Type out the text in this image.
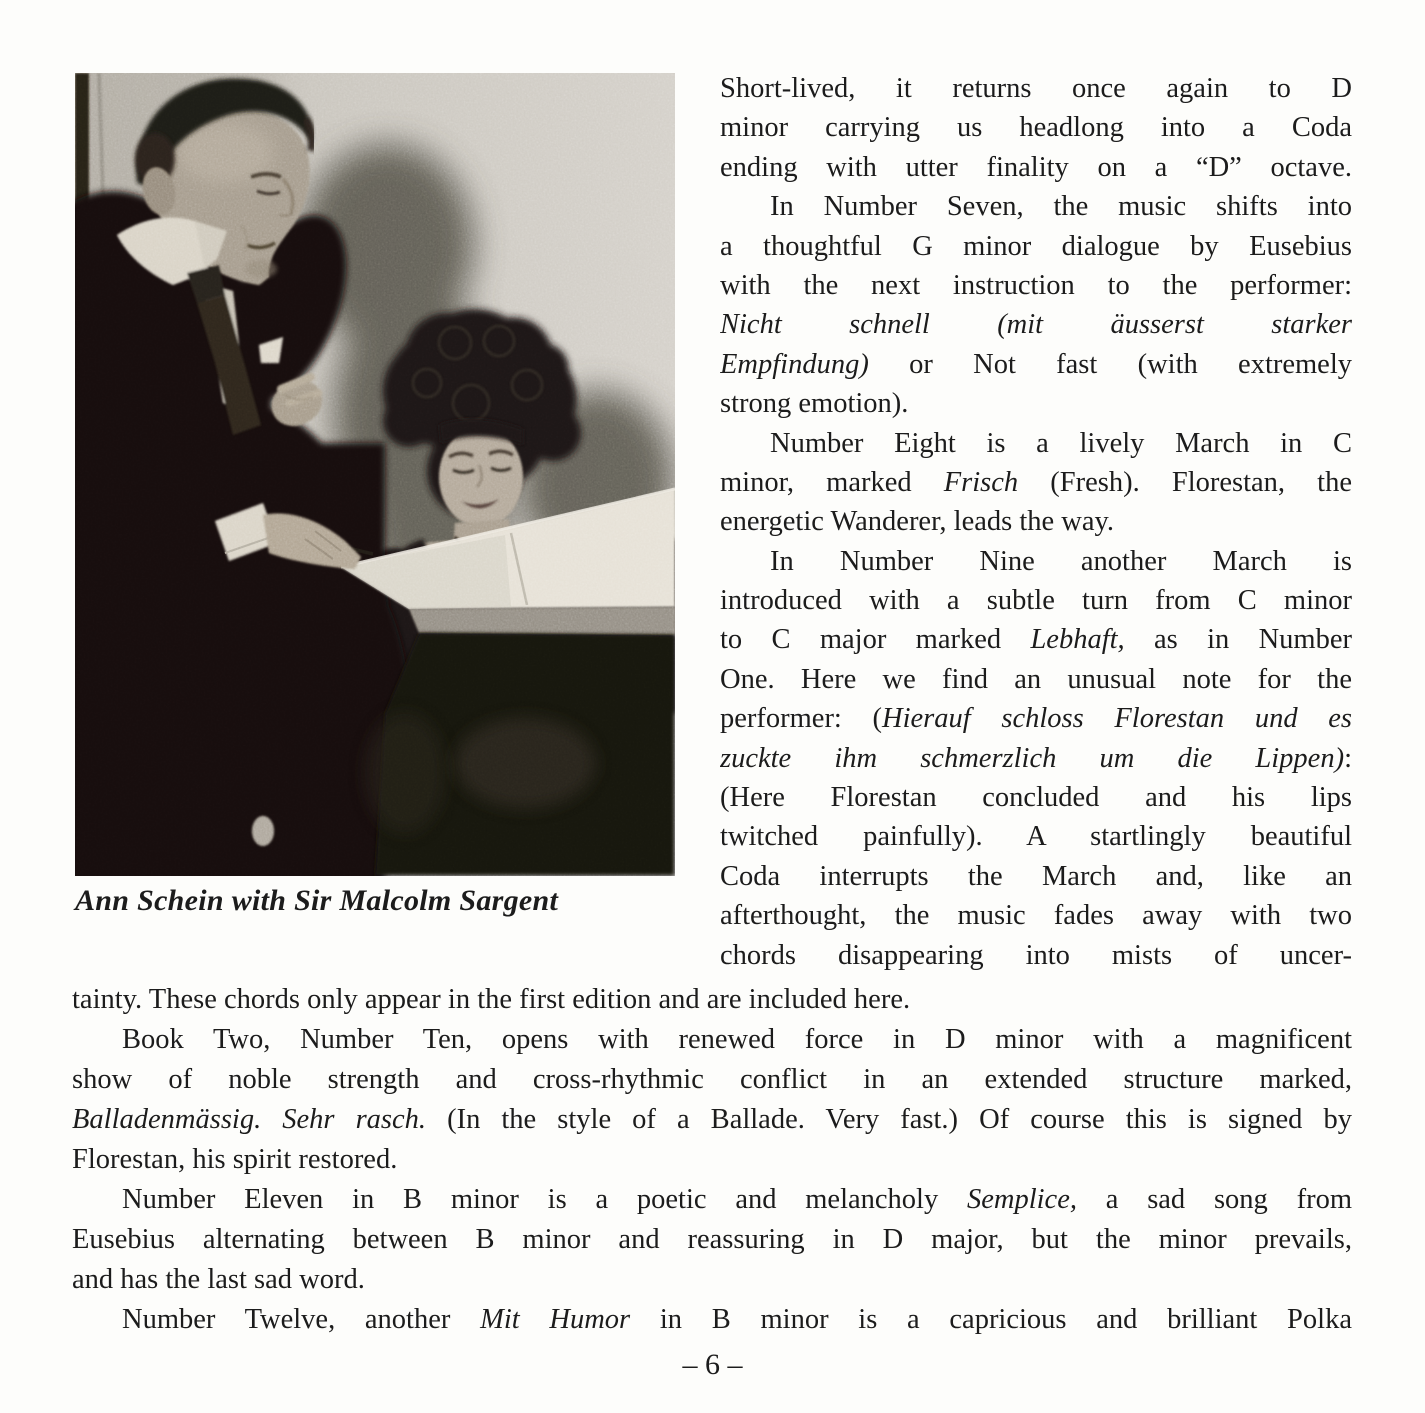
Ann Schein with Sir Malcolm Sargent
Short-lived, it returns once again to D
minor carrying us headlong into a Coda
ending with utter finality on a “D” octave.
In Number Seven, the music shifts into
a thoughtful G minor dialogue by Eusebius
with the next instruction to the performer:
Nicht schnell (mit äusserst starker
Empfindung) or Not fast (with extremely
strong emotion).
Number Eight is a lively March in C
minor, marked Frisch (Fresh). Florestan, the
energetic Wanderer, leads the way.
In Number Nine another March is
introduced with a subtle turn from C minor
to C major marked Lebhaft, as in Number
One. Here we find an unusual note for the
performer: (Hierauf schloss Florestan und es
zuckte ihm schmerzlich um die Lippen):
(Here Florestan concluded and his lips
twitched painfully). A startlingly beautiful
Coda interrupts the March and, like an
afterthought, the music fades away with two
chords disappearing into mists of uncer-
tainty. These chords only appear in the first edition and are included here.
Book Two, Number Ten, opens with renewed force in D minor with a magnificent
show of noble strength and cross-rhythmic conflict in an extended structure marked,
Balladenmässig. Sehr rasch. (In the style of a Ballade. Very fast.) Of course this is signed by
Florestan, his spirit restored.
Number Eleven in B minor is a poetic and melancholy Semplice, a sad song from
Eusebius alternating between B minor and reassuring in D major, but the minor prevails,
and has the last sad word.
Number Twelve, another Mit Humor in B minor is a capricious and brilliant Polka
– 6 –
